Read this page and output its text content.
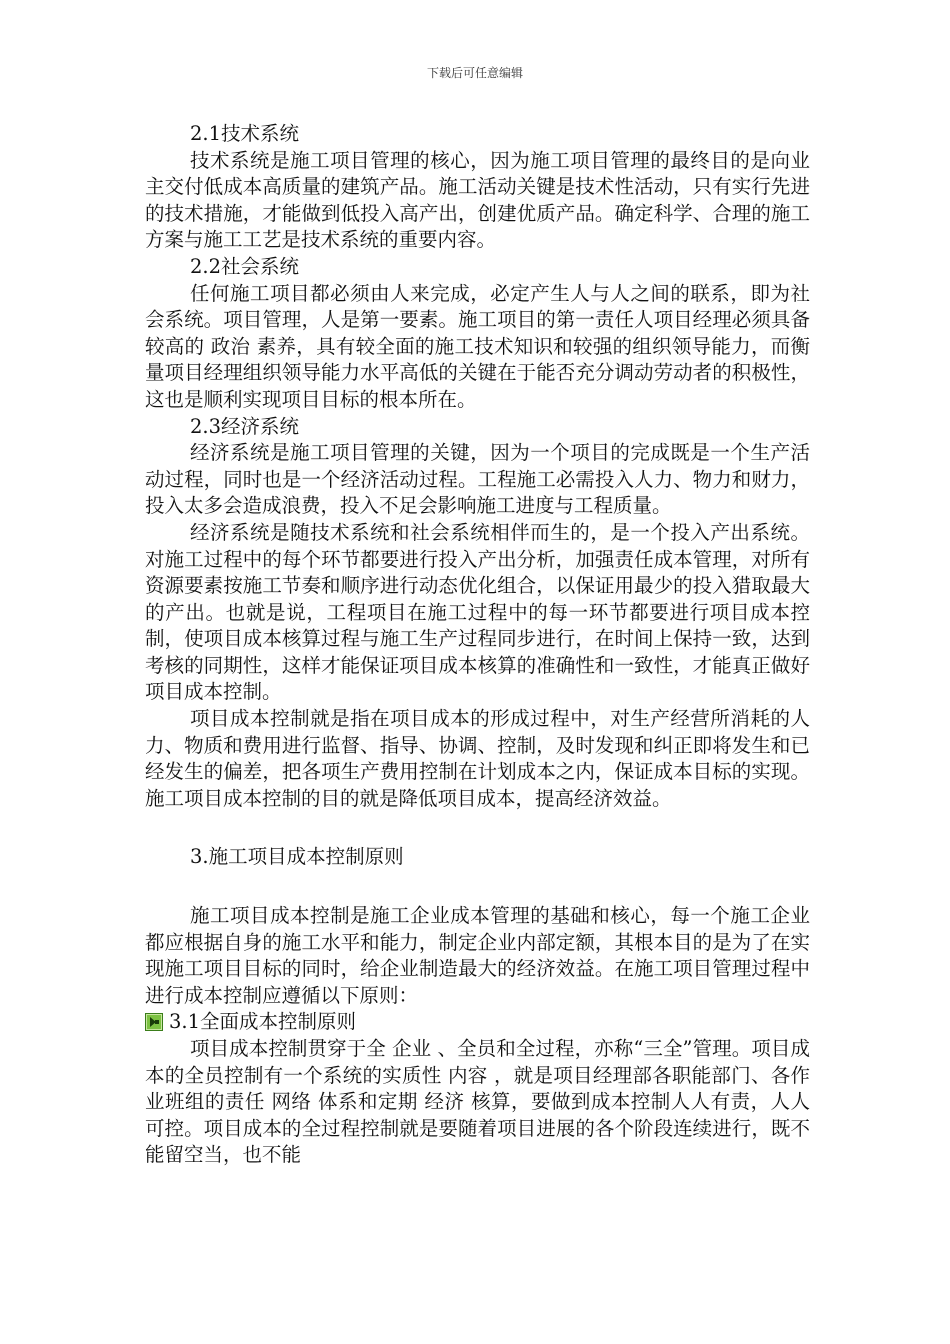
下载后可任意编辑

2.1技术系统

技术系统是施工项目管理的核心，因为施工项目管理的最终目的是向业主交付低成本高质量的建筑产品。施工活动关键是技术性活动，只有实行先进的技术措施，才能做到低投入高产出，创建优质产品。确定科学、合理的施工方案与施工工艺是技术系统的重要内容。

2.2社会系统

任何施工项目都必须由人来完成，必定产生人与人之间的联系，即为社会系统。项目管理，人是第一要素。施工项目的第一责任人项目经理必须具备较高的 政治 素养，具有较全面的施工技术知识和较强的组织领导能力，而衡量项目经理组织领导能力水平高低的关键在于能否充分调动劳动者的积极性，这也是顺利实现项目目标的根本所在。

2.3经济系统

经济系统是施工项目管理的关键，因为一个项目的完成既是一个生产活动过程，同时也是一个经济活动过程。工程施工必需投入人力、物力和财力，投入太多会造成浪费，投入不足会影响施工进度与工程质量。

经济系统是随技术系统和社会系统相伴而生的，是一个投入产出系统。对施工过程中的每个环节都要进行投入产出分析，加强责任成本管理，对所有资源要素按施工节奏和顺序进行动态优化组合，以保证用最少的投入猎取最大的产出。也就是说，工程项目在施工过程中的每一环节都要进行项目成本控制，使项目成本核算过程与施工生产过程同步进行，在时间上保持一致，达到考核的同期性，这样才能保证项目成本核算的准确性和一致性，才能真正做好项目成本控制。

项目成本控制就是指在项目成本的形成过程中，对生产经营所消耗的人力、物质和费用进行监督、指导、协调、控制，及时发现和纠正即将发生和已经发生的偏差，把各项生产费用控制在计划成本之内，保证成本目标的实现。施工项目成本控制的目的就是降低项目成本，提高经济效益。

3.施工项目成本控制原则

施工项目成本控制是施工企业成本管理的基础和核心，每一个施工企业都应根据自身的施工水平和能力，制定企业内部定额，其根本目的是为了在实现施工项目目标的同时，给企业制造最大的经济效益。在施工项目管理过程中进行成本控制应遵循以下原则：

3.1全面成本控制原则

项目成本控制贯穿于全 企业 、全员和全过程，亦称“三全”管理。项目成本的全员控制有一个系统的实质性 内容 ，就是项目经理部各职能部门、各作业班组的责任 网络 体系和定期 经济 核算，要做到成本控制人人有责，人人可控。项目成本的全过程控制就是要随着项目进展的各个阶段连续进行，既不能留空当，也不能
